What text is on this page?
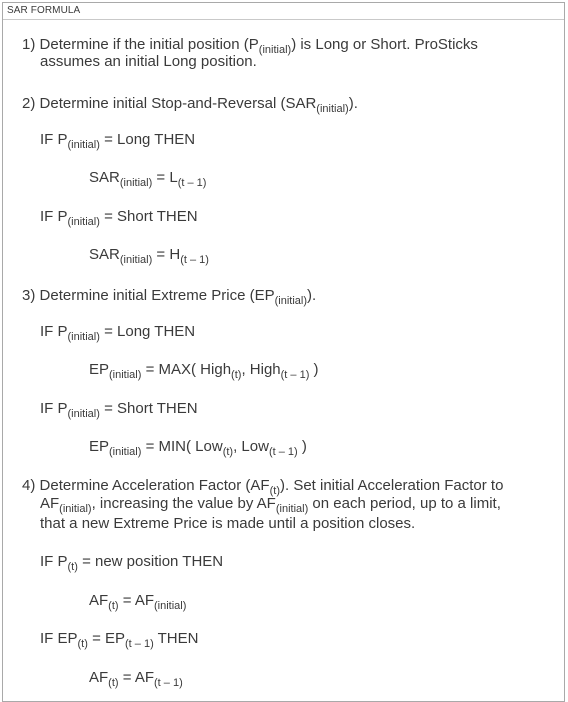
SAR FORMULA
1) Determine if the initial position $(P_{(initial)})$ is Long or Short. ProSticks
assumes an initial Long position.
2) Determine initial Stop-and-Reversal $(SAR_{(initial)})$.
IF $P_{(initial)}$ = Long THEN
$SAR_{(initial)} = L_{(t - 1)}$
IF $P_{(initial)}$ = Short THEN
$SAR_{(initial)} = H_{(t - 1)}$
3) Determine initial Extreme Price $(EP_{(initial)})$.
IF $P_{(initial)}$ = Long THEN
$EP_{(initial)} = MAX$( High$_{(t)}$, High$_{(t - 1)}$ )
IF $P_{(initial)}$ = Short THEN
$EP_{(initial)} = MIN$( Low$_{(t)}$, Low$_{(t - 1)}$ )
4) Determine Acceleration Factor $(AF_{(t)})$. Set initial Acceleration Factor to
$AF_{(initial)}$, increasing the value by $AF_{(initial)}$ on each period, up to a limit,
that a new Extreme Price is made until a position closes.
IF $P_{(t)}$ = new position THEN
$AF_{(t)} = AF_{(initial)}$
IF $EP_{(t)} = EP_{(t - 1)}$ THEN
$AF_{(t)} = AF_{(t - 1)}$
